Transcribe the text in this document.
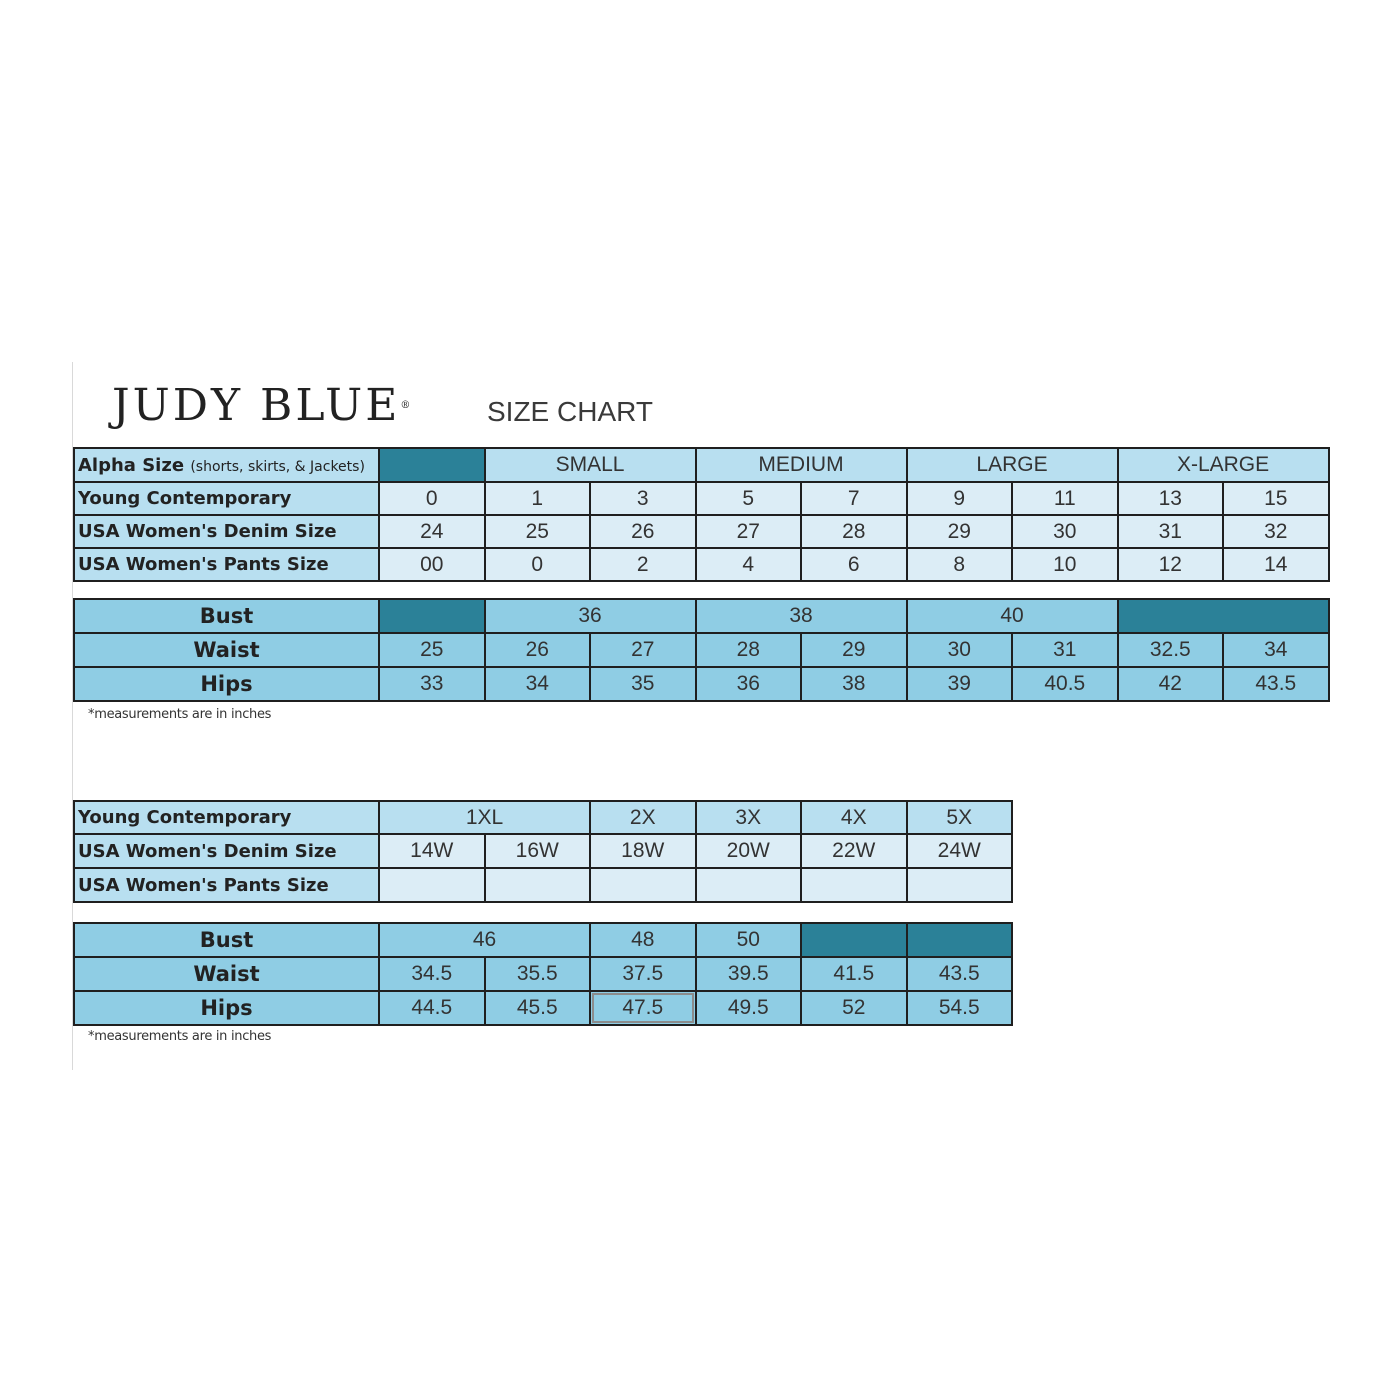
JUDY BLUE®	SIZE CHART
Alpha Size (shorts, skirts, & Jackets)		SMALL		MEDIUM		LARGE		X-LARGE	
Young Contemporary	0	1	3	5	7	9	11	13	15
USA Women's Denim Size	24	25	26	27	28	29	30	31	32
USA Women's Pants Size	00	0	2	4	6	8	10	12	14
Bust		36		38		40			
Waist	25	26	27	28	29	30	31	32.5	34
Hips	33	34	35	36	38	39	40.5	42	43.5
*measurements are in inches
Young Contemporary	1XL		2X	3X	4X	5X
USA Women's Denim Size	14W	16W	18W	20W	22W	24W
USA Women's Pants Size						
Bust	46		48	50		
Waist	34.5	35.5	37.5	39.5	41.5	43.5
Hips	44.5	45.5	47.5	49.5	52	54.5
*measurements are in inches
